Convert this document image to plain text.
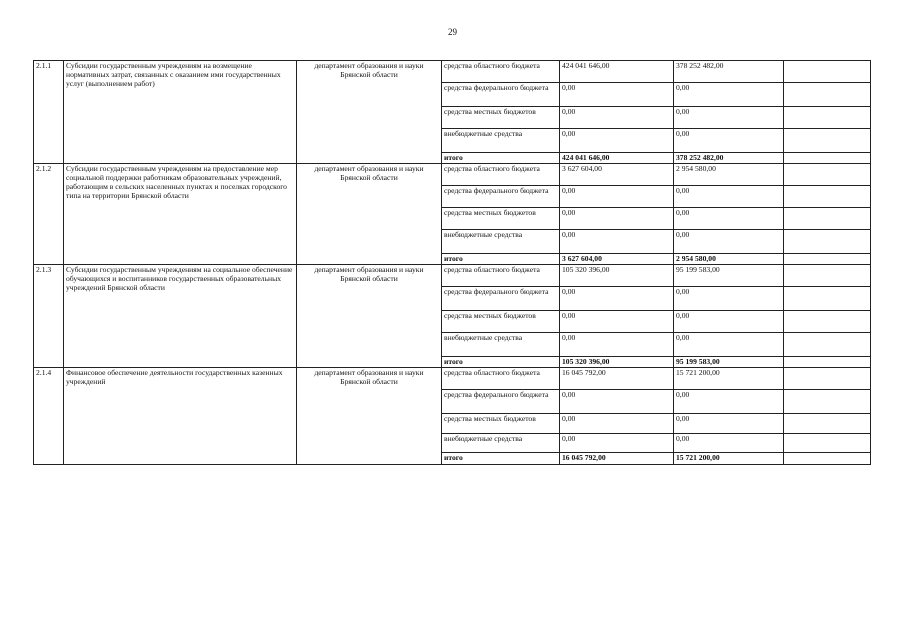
29
2.1.1	Субсидии государственным учреждениям на возмещение нормативных затрат, связанных с оказанием ими государственных услуг (выполнением работ)	департамент образования и науки Брянской области	средства областного бюджета	424 041 646,00	378 252 482,00	
			средства федерального бюджета	0,00	0,00	
			средства местных бюджетов	0,00	0,00	
			внебюджетные средства	0,00	0,00	
			итого	424 041 646,00	378 252 482,00	
2.1.2	Субсидии государственным учреждениям на предоставление мер социальной поддержки работникам образовательных учреждений, работающим в сельских населенных пунктах и поселках городского типа на территории Брянской области	департамент образования и науки Брянской области	средства областного бюджета	3 627 604,00	2 954 580,00	
			средства федерального бюджета	0,00	0,00	
			средства местных бюджетов	0,00	0,00	
			внебюджетные средства	0,00	0,00	
			итого	3 627 604,00	2 954 580,00	
2.1.3	Субсидии государственным учреждениям на социальное обеспечение обучающихся и воспитанников государственных образовательных учреждений Брянской области	департамент образования и науки Брянской области	средства областного бюджета	105 320 396,00	95 199 583,00	
			средства федерального бюджета	0,00	0,00	
			средства местных бюджетов	0,00	0,00	
			внебюджетные средства	0,00	0,00	
			итого	105 320 396,00	95 199 583,00	
2.1.4	Финансовое обеспечение деятельности государственных казенных учреждений	департамент образования и науки Брянской области	средства областного бюджета	16 045 792,00	15 721 200,00	
			средства федерального бюджета	0,00	0,00	
			средства местных бюджетов	0,00	0,00	
			внебюджетные средства	0,00	0,00	
			итого	16 045 792,00	15 721 200,00	
